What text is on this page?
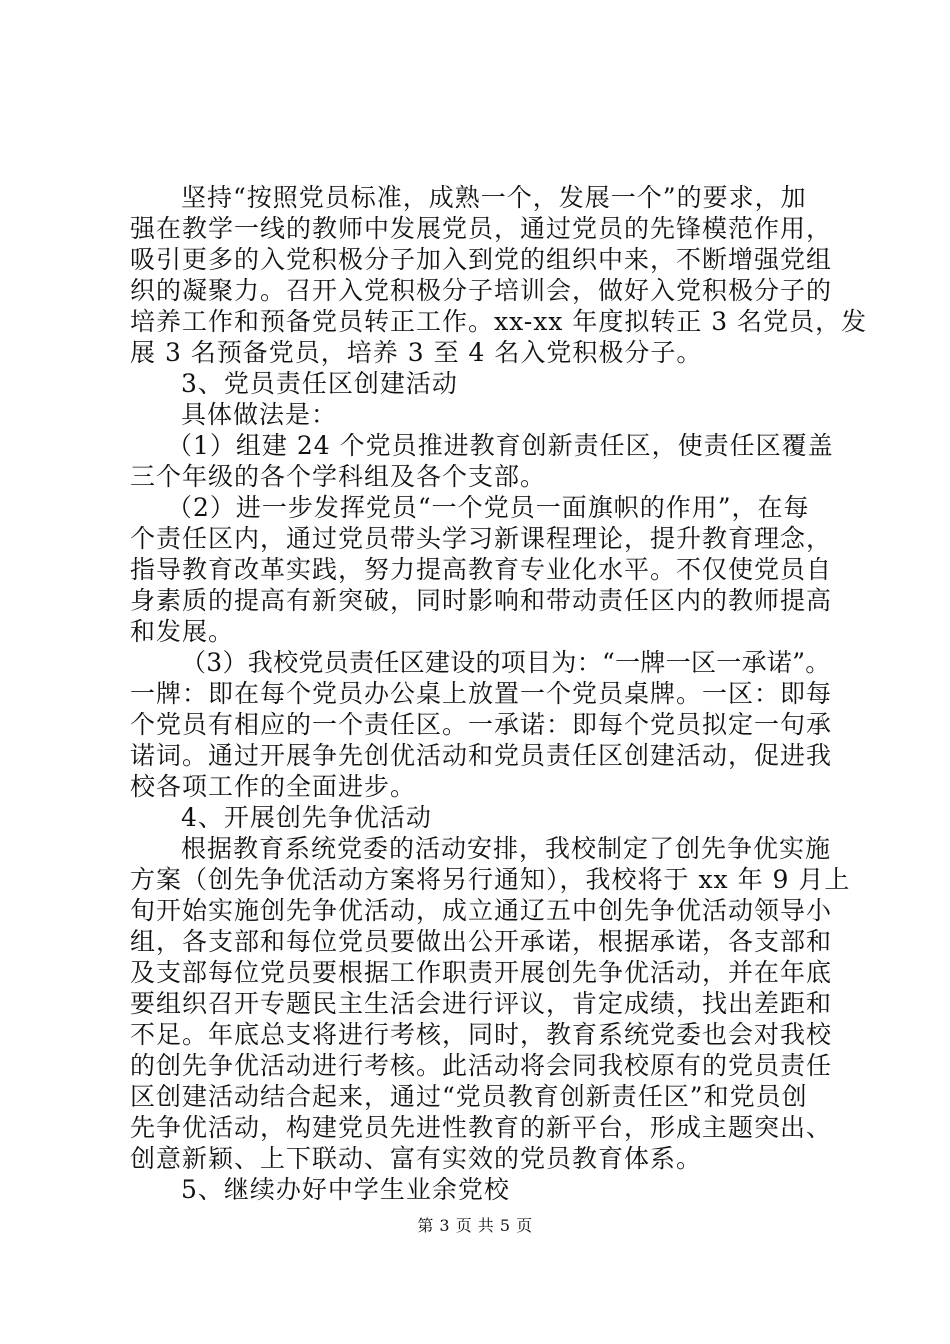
坚持“按照党员标准，成熟一个，发展一个”的要求，加
强在教学一线的教师中发展党员，通过党员的先锋模范作用，
吸引更多的入党积极分子加入到党的组织中来，不断增强党组
织的凝聚力。召开入党积极分子培训会，做好入党积极分子的
培养工作和预备党员转正工作。xx-xx 年度拟转正 3 名党员，发
展 3 名预备党员，培养 3 至 4 名入党积极分子。
3、党员责任区创建活动
具体做法是：
（1）组建 24 个党员推进教育创新责任区，使责任区覆盖
三个年级的各个学科组及各个支部。
（2）进一步发挥党员“一个党员一面旗帜的作用”，在每
个责任区内，通过党员带头学习新课程理论，提升教育理念，
指导教育改革实践，努力提高教育专业化水平。不仅使党员自
身素质的提高有新突破，同时影响和带动责任区内的教师提高
和发展。
（3）我校党员责任区建设的项目为：“一牌一区一承诺”。
一牌：即在每个党员办公桌上放置一个党员桌牌。一区：即每
个党员有相应的一个责任区。一承诺：即每个党员拟定一句承
诺词。通过开展争先创优活动和党员责任区创建活动，促进我
校各项工作的全面进步。
4、开展创先争优活动
根据教育系统党委的活动安排，我校制定了创先争优实施
方案（创先争优活动方案将另行通知），我校将于 xx 年 9 月上
旬开始实施创先争优活动，成立通辽五中创先争优活动领导小
组，各支部和每位党员要做出公开承诺，根据承诺，各支部和
及支部每位党员要根据工作职责开展创先争优活动，并在年底
要组织召开专题民主生活会进行评议，肯定成绩，找出差距和
不足。年底总支将进行考核，同时，教育系统党委也会对我校
的创先争优活动进行考核。此活动将会同我校原有的党员责任
区创建活动结合起来，通过“党员教育创新责任区”和党员创
先争优活动，构建党员先进性教育的新平台，形成主题突出、
创意新颖、上下联动、富有实效的党员教育体系。
5、继续办好中学生业余党校
第 3 页 共 5 页
